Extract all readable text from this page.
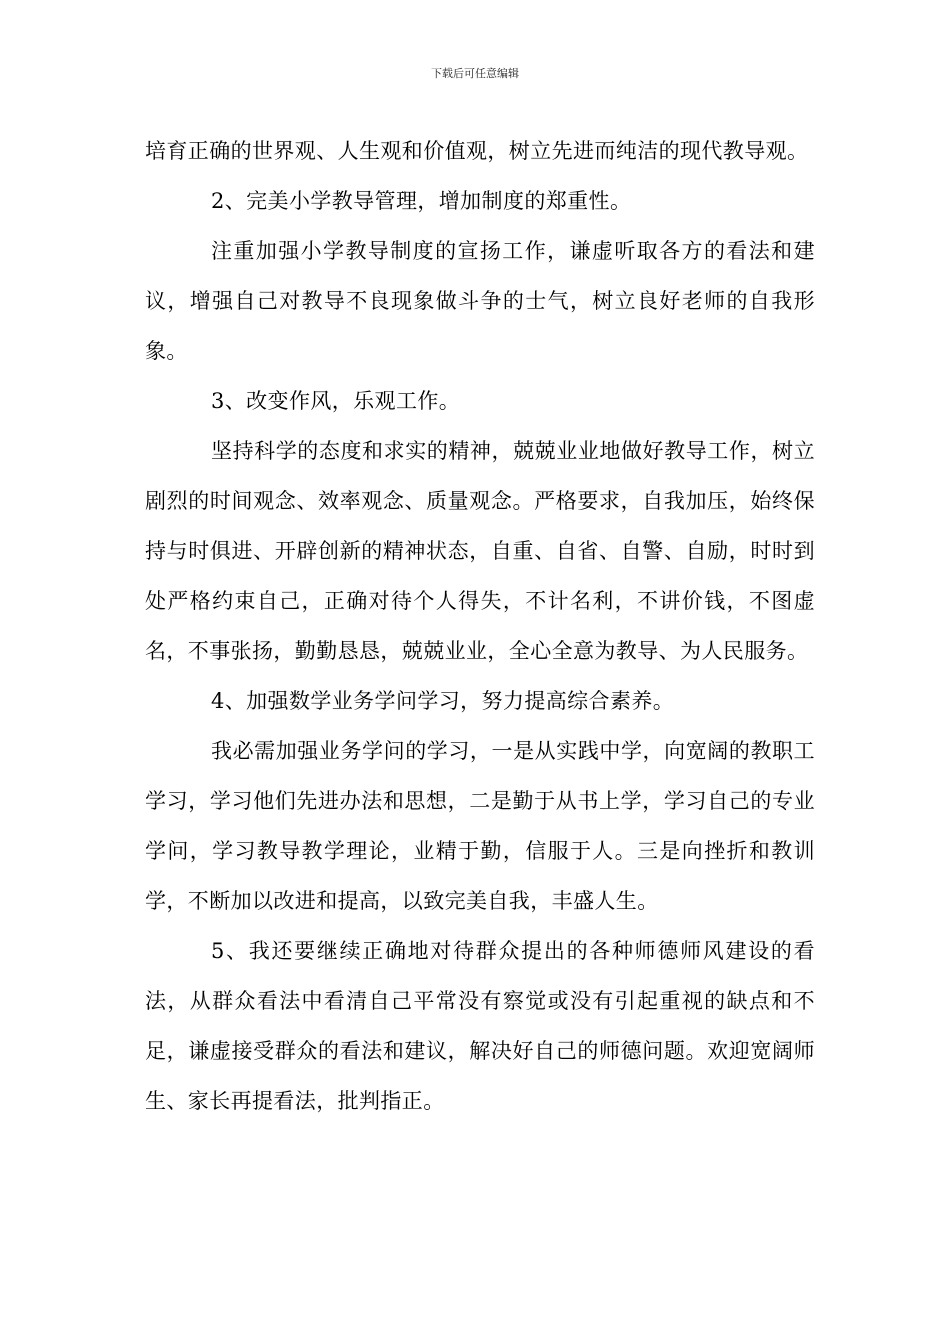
下载后可任意编辑

培育正确的世界观、人生观和价值观，树立先进而纯洁的现代教导观。

2、完美小学教导管理，增加制度的郑重性。

注重加强小学教导制度的宣扬工作，谦虚听取各方的看法和建议，增强自己对教导不良现象做斗争的士气，树立良好老师的自我形象。

3、改变作风，乐观工作。

坚持科学的态度和求实的精神，兢兢业业地做好教导工作，树立剧烈的时间观念、效率观念、质量观念。严格要求，自我加压，始终保持与时俱进、开辟创新的精神状态，自重、自省、自警、自励，时时到处严格约束自己，正确对待个人得失，不计名利，不讲价钱，不图虚名，不事张扬，勤勤恳恳，兢兢业业，全心全意为教导、为人民服务。

4、加强数学业务学问学习，努力提高综合素养。

我必需加强业务学问的学习，一是从实践中学，向宽阔的教职工学习，学习他们先进办法和思想，二是勤于从书上学，学习自己的专业学问，学习教导教学理论，业精于勤，信服于人。三是向挫折和教训学，不断加以改进和提高，以致完美自我，丰盛人生。

5、我还要继续正确地对待群众提出的各种师德师风建设的看法，从群众看法中看清自己平常没有察觉或没有引起重视的缺点和不足，谦虚接受群众的看法和建议，解决好自己的师德问题。欢迎宽阔师生、家长再提看法，批判指正。
